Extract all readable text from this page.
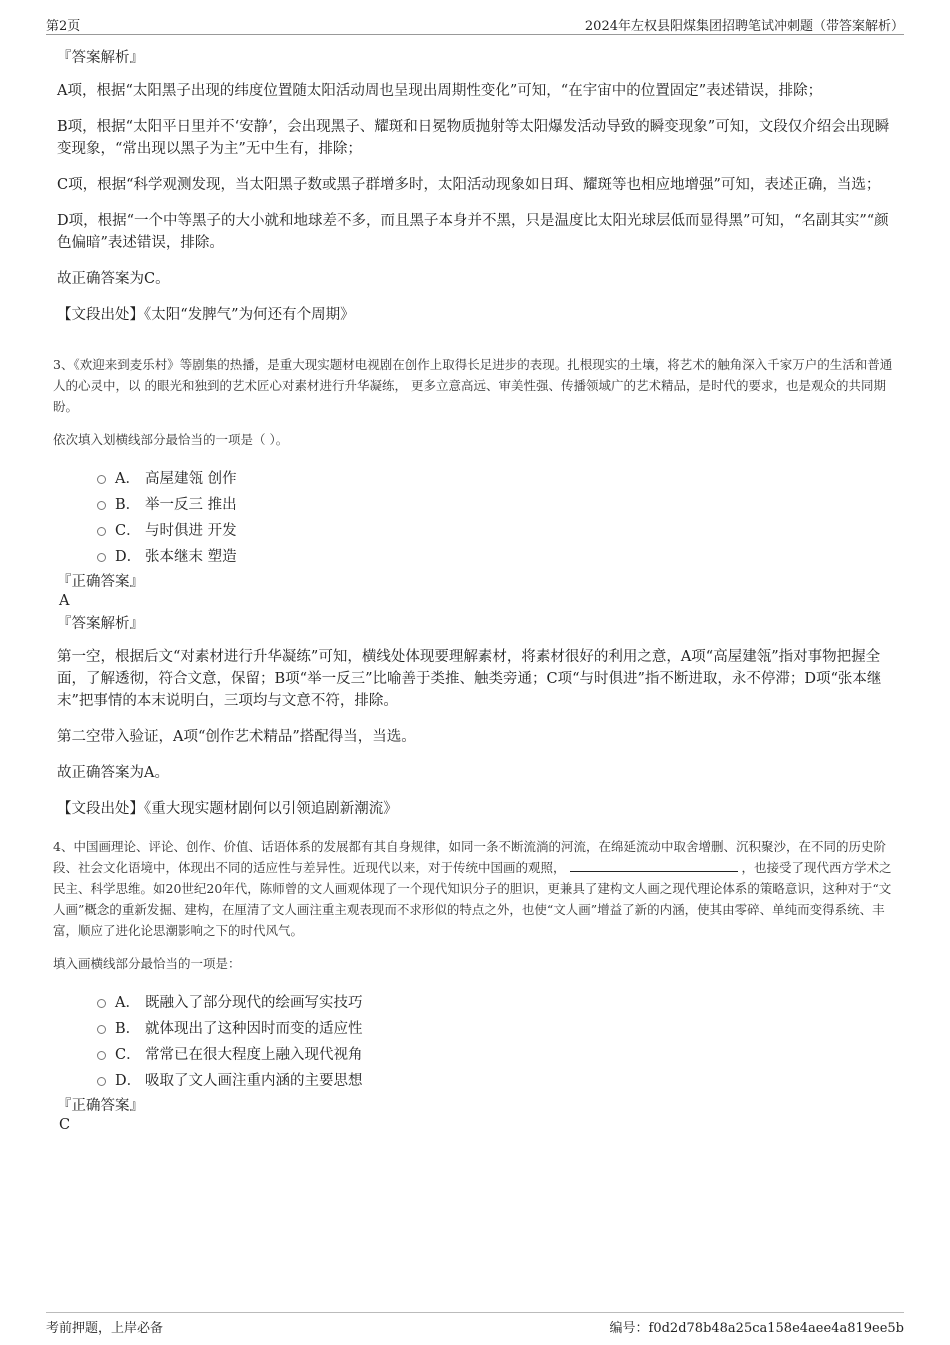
第2页	2024年左权县阳煤集团招聘笔试冲刺题（带答案解析）

『答案解析』

A项，根据“太阳黑子出现的纬度位置随太阳活动周也呈现出周期性变化”可知，“在宇宙中的位置固定”表述错误，排除；

B项，根据“太阳平日里并不‘安静’，会出现黑子、耀斑和日冕物质抛射等太阳爆发活动导致的瞬变现象”可知，文段仅介绍会出现瞬变现象，“常出现以黑子为主”无中生有，排除；

C项，根据“科学观测发现，当太阳黑子数或黑子群增多时，太阳活动现象如日珥、耀斑等也相应地增强”可知，表述正确，当选；

D项，根据“一个中等黑子的大小就和地球差不多，而且黑子本身并不黑，只是温度比太阳光球层低而显得黑”可知，“名副其实”“颜色偏暗”表述错误，排除。

故正确答案为C。

【文段出处】《太阳“发脾气”为何还有个周期》

3、《欢迎来到麦乐村》等剧集的热播，是重大现实题材电视剧在创作上取得长足进步的表现。扎根现实的土壤，将艺术的触角深入千家万户的生活和普通人的心灵中，以 的眼光和独到的艺术匠心对素材进行升华凝练， 更多立意高远、审美性强、传播领域广的艺术精品，是时代的要求，也是观众的共同期盼。

依次填入划横线部分最恰当的一项是（ ）。

A． 高屋建瓴 创作
B． 举一反三 推出
C． 与时俱进 开发
D． 张本继末 塑造

『正确答案』

A

『答案解析』

第一空，根据后文“对素材进行升华凝练”可知，横线处体现要理解素材，将素材很好的利用之意，A项“高屋建瓴”指对事物把握全面，了解透彻，符合文意，保留；B项“举一反三”比喻善于类推、触类旁通；C项“与时俱进”指不断进取，永不停滞；D项“张本继末”把事情的本末说明白，三项均与文意不符，排除。

第二空带入验证，A项“创作艺术精品”搭配得当，当选。

故正确答案为A。

【文段出处】《重大现实题材剧何以引领追剧新潮流》

4、中国画理论、评论、创作、价值、话语体系的发展都有其自身规律，如同一条不断流淌的河流，在绵延流动中取舍增删、沉积聚沙，在不同的历史阶段、社会文化语境中，体现出不同的适应性与差异性。近现代以来，对于传统中国画的观照，	，也接受了现代西方学术之民主、科学思维。如20世纪20年代，陈师曾的文人画观体现了一个现代知识分子的胆识，更兼具了建构文人画之现代理论体系的策略意识，这种对于“文人画”概念的重新发掘、建构，在厘清了文人画注重主观表现而不求形似的特点之外，也使“文人画”增益了新的内涵，使其由零碎、单纯而变得系统、丰富，顺应了进化论思潮影响之下的时代风气。

填入画横线部分最恰当的一项是：

A． 既融入了部分现代的绘画写实技巧
B． 就体现出了这种因时而变的适应性
C． 常常已在很大程度上融入现代视角
D． 吸取了文人画注重内涵的主要思想

『正确答案』

C

考前押题，上岸必备	编号：f0d2d78b48a25ca158e4aee4a819ee5b
